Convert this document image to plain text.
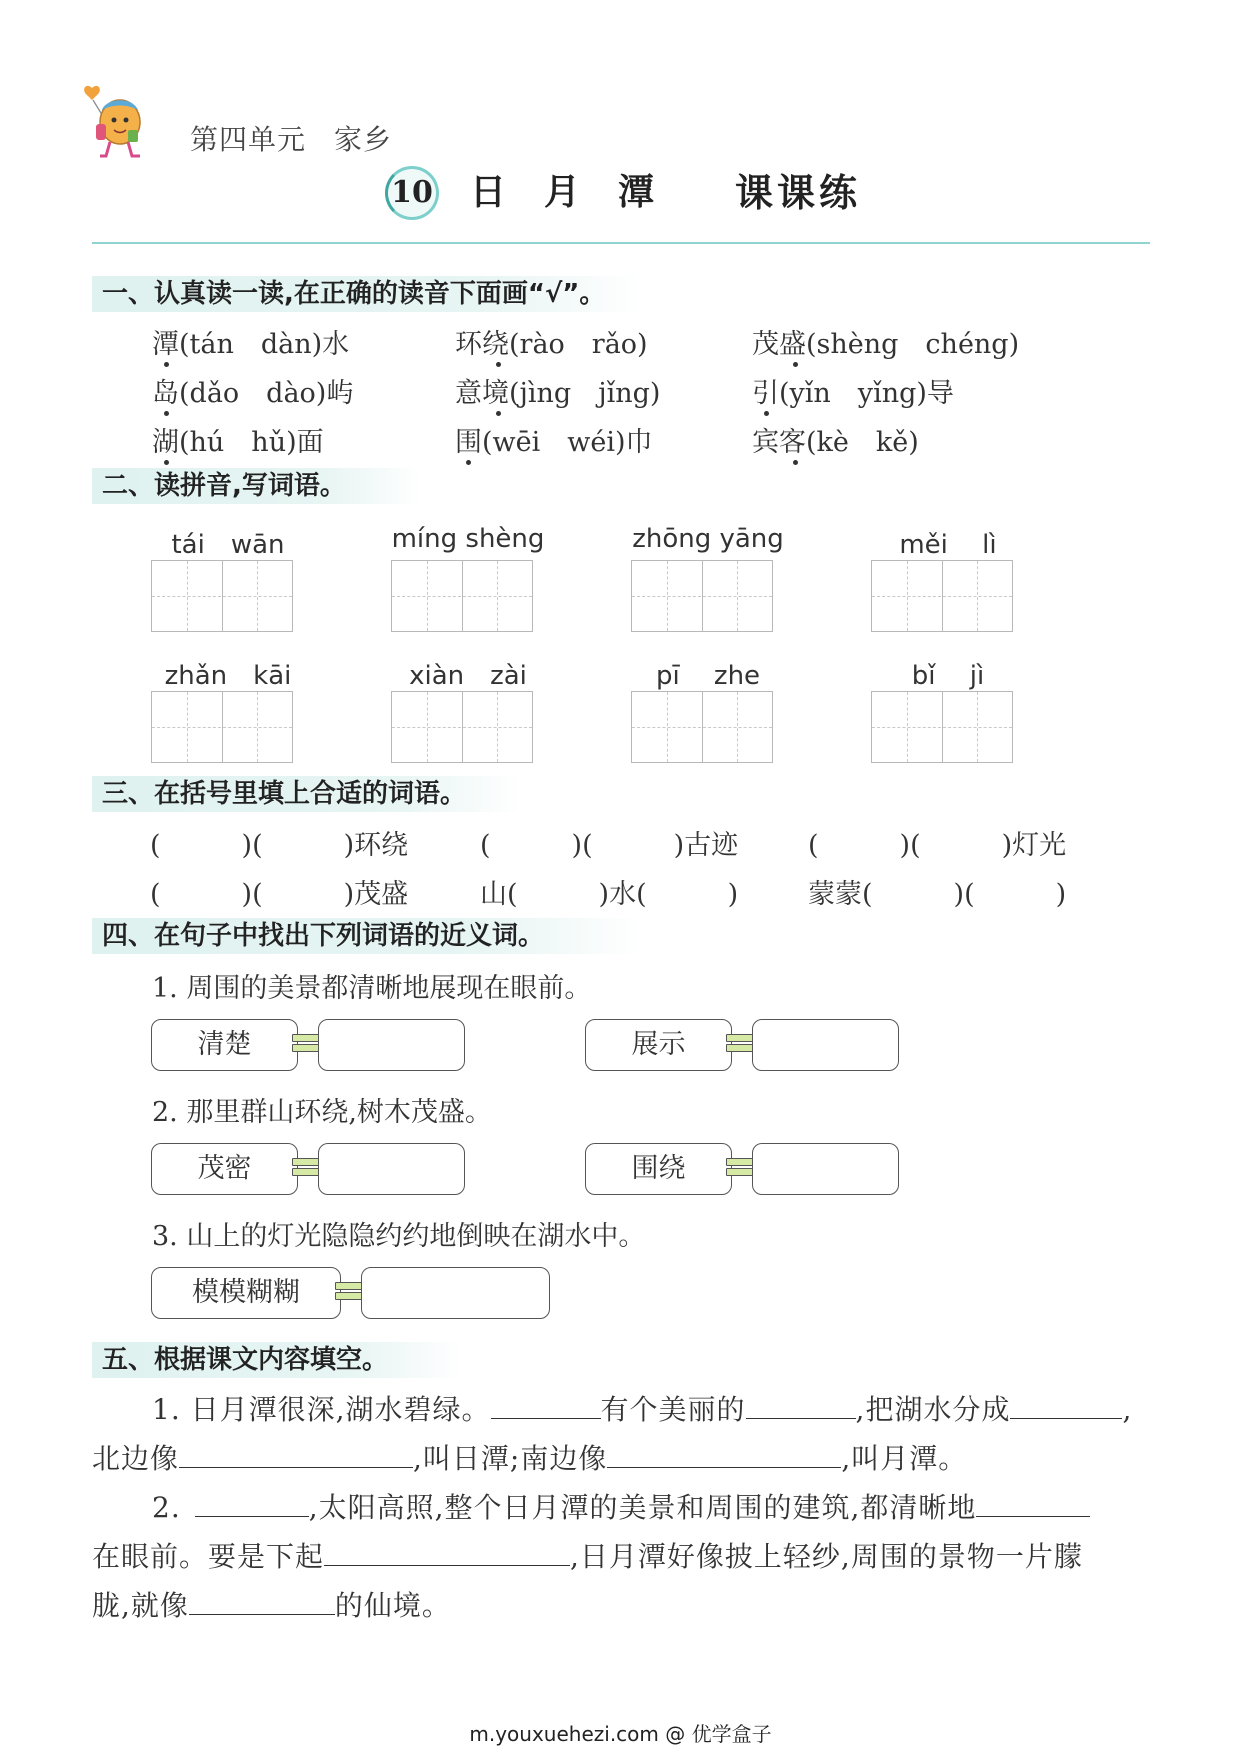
第四单元 家乡
10 日月潭 课课练
一、认真读一读,在正确的读音下面画“√”。
潭(tán　dàn)水	环绕(rào　rǎo)	茂盛(shèng　chéng)
岛(dǎo　dào)屿	意境(jìng　jǐng)	引(yǐn　yǐng)导
湖(hú　hǔ)面	围(wēi　wéi)巾	宾客(kè　kě)
二、读拼音,写词语。
tái　wān	míng shèng	zhōng yāng	měi　 lì
zhǎn　kāi	xiàn　zài	pī　 zhe	bǐ　 jì
三、在括号里填上合适的词语。
(　　　)(　　　)环绕	(　　　)(　　　)古迹	(　　　)(　　　)灯光
(　　　)(　　　)茂盛	山(　　　)水(　　　)	蒙蒙(　　　)(　　　)
四、在句子中找出下列词语的近义词。
1. 周围的美景都清晰地展现在眼前。
清楚	展示
2. 那里群山环绕,树木茂盛。
茂密	围绕
3. 山上的灯光隐隐约约地倒映在湖水中。
模模糊糊
五、根据课文内容填空。
1. 日月潭很深,湖水碧绿。	有个美丽的	,把湖水分成	,
北边像	,叫日潭;南边像	,叫月潭。
2.	,太阳高照,整个日月潭的美景和周围的建筑,都清晰地
在眼前。要是下起	,日月潭好像披上轻纱,周围的景物一片朦
胧,就像	的仙境。
m.youxuehezi.com @ 优学盒子
